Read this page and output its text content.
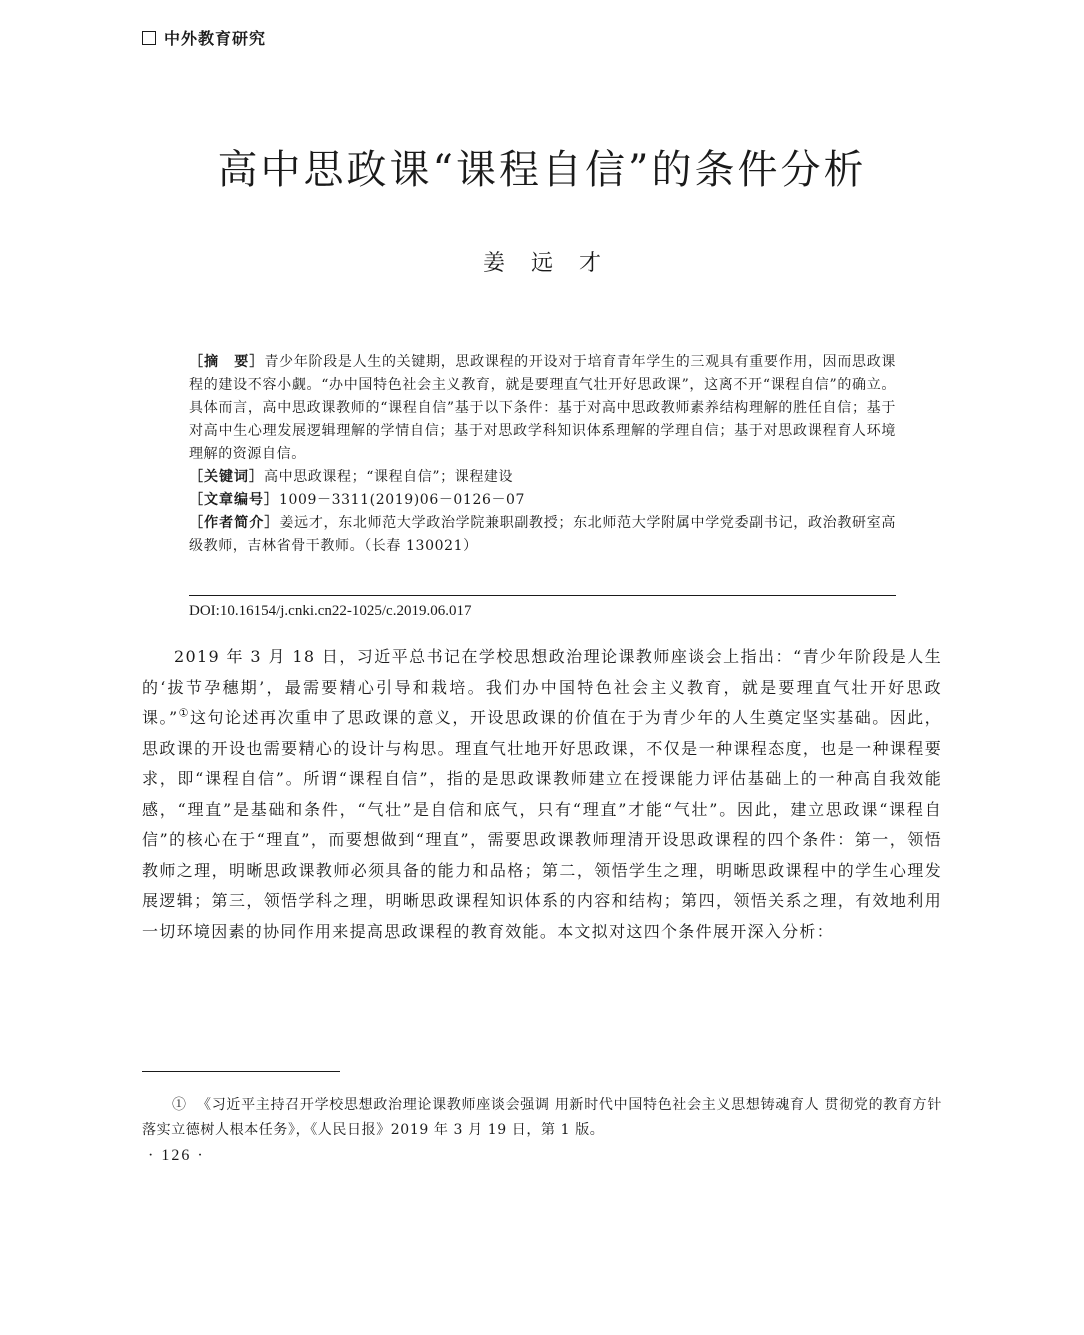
中外教育研究
高中思政课“课程自信”的条件分析
姜远才

［摘　要］青少年阶段是人生的关键期，思政课程的开设对于培育青年学生的三观具有重要作用，因而思政课程的建设不容小觑。“办中国特色社会主义教育，就是要理直气壮开好思政课”，这离不开“课程自信”的确立。具体而言，高中思政课教师的“课程自信”基于以下条件：基于对高中思政教师素养结构理解的胜任自信；基于对高中生心理发展逻辑理解的学情自信；基于对思政学科知识体系理解的学理自信；基于对思政课程育人环境理解的资源自信。

［关键词］高中思政课程；“课程自信”；课程建设

［文章编号］1009－3311(2019)06－0126－07

［作者简介］姜远才，东北师范大学政治学院兼职副教授；东北师范大学附属中学党委副书记，政治教研室高级教师，吉林省骨干教师。（长春 130021）

DOI:10.16154/j.cnki.cn22-1025/c.2019.06.017

2019 年 3 月 18 日，习近平总书记在学校思想政治理论课教师座谈会上指出：“青少年阶段是人生的‘拔节孕穗期’，最需要精心引导和栽培。我们办中国特色社会主义教育，就是要理直气壮开好思政课。”①这句论述再次重申了思政课的意义，开设思政课的价值在于为青少年的人生奠定坚实基础。因此，思政课的开设也需要精心的设计与构思。理直气壮地开好思政课，不仅是一种课程态度，也是一种课程要求，即“课程自信”。所谓“课程自信”，指的是思政课教师建立在授课能力评估基础上的一种高自我效能感，“理直”是基础和条件，“气壮”是自信和底气，只有“理直”才能“气壮”。因此，建立思政课“课程自信”的核心在于“理直”，而要想做到“理直”，需要思政课教师理清开设思政课程的四个条件：第一，领悟教师之理，明晰思政课教师必须具备的能力和品格；第二，领悟学生之理，明晰思政课程中的学生心理发展逻辑；第三，领悟学科之理，明晰思政课程知识体系的内容和结构；第四，领悟关系之理，有效地利用一切环境因素的协同作用来提高思政课程的教育效能。本文拟对这四个条件展开深入分析：

① 《习近平主持召开学校思想政治理论课教师座谈会强调 用新时代中国特色社会主义思想铸魂育人 贯彻党的教育方针落实立德树人根本任务》，《人民日报》2019 年 3 月 19 日，第 1 版。

· 126 ·
